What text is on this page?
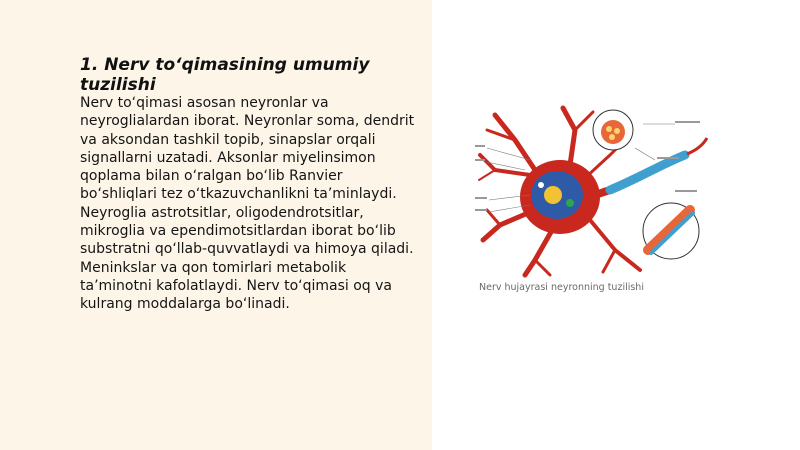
1. Nerv to‘qimasining umumiy tuzilishi

Nerv to‘qimasi asosan neyronlar va neyroglialardan iborat. Neyronlar soma, dendrit va aksondan tashkil topib, sinapslar orqali signallarni uzatadi. Aksonlar miyelinsimon qoplama bilan o‘ralgan bo‘lib Ranvier bo‘shliqlari tez o‘tkazuvchanlikni ta’minlaydi. Neyroglia astrotsitlar, oligodendrotsitlar, mikroglia va ependimotsitlardan iborat bo‘lib substratni qo‘llab-quvvatlaydi va himoya qiladi. Meninkslar va qon tomirlari metabolik ta’minotni kafolatlaydi. Nerv to‘qimasi oq va kulrang moddalarga bo‘linadi.

Nerv hujayrasi neyronning tuzilishi
